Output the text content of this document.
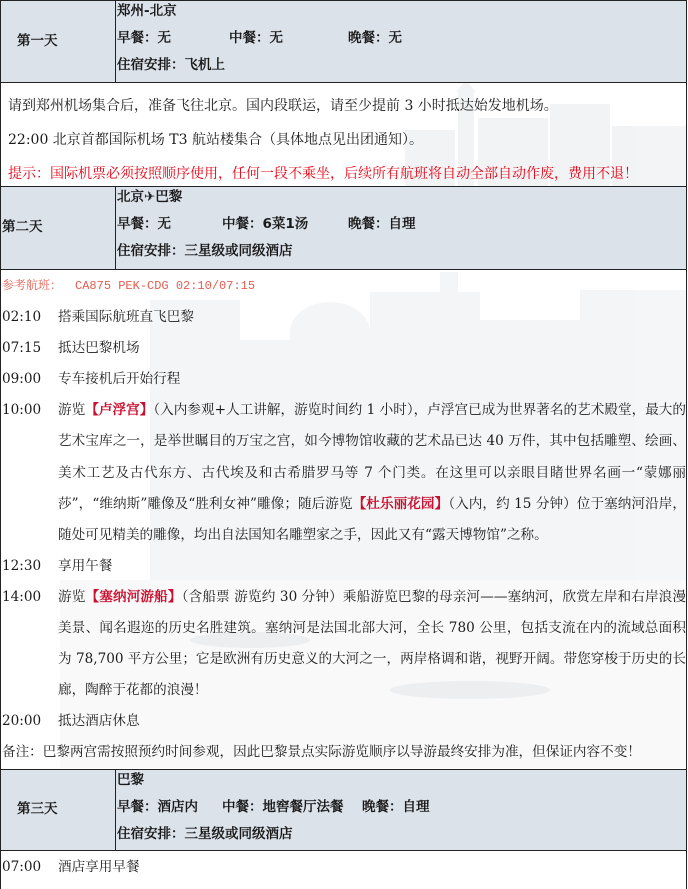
第一天
郑州-北京
早餐：无	中餐：无	晚餐：无
住宿安排：飞机上

请到郑州机场集合后，准备飞往北京。国内段联运，请至少提前 3 小时抵达始发地机场。

22:00 北京首都国际机场 T3 航站楼集合（具体地点见出团通知）。

提示：国际机票必须按照顺序使用，任何一段不乘坐，后续所有航班将自动全部自动作废，费用不退！

第二天
北京✈巴黎
早餐：无	中餐：6菜1汤	晚餐：自理
住宿安排：三星级或同级酒店
参考航班： CA875 PEK-CDG 02:10/07:15
02:10	搭乘国际航班直飞巴黎
07:15	抵达巴黎机场
09:00	专车接机后开始行程
10:00	游览【卢浮宫】（入内参观+人工讲解，游览时间约 1 小时），卢浮宫已成为世界著名的艺术殿堂，最大的艺术宝库之一，是举世瞩目的万宝之宫，如今博物馆收藏的艺术品已达 40 万件，其中包括雕塑、绘画、美术工艺及古代东方、古代埃及和古希腊罗马等 7 个门类。在这里可以亲眼目睹世界名画一“蒙娜丽莎”，“维纳斯”雕像及“胜利女神”雕像；随后游览【杜乐丽花园】（入内，约 15 分钟）位于塞纳河沿岸，随处可见精美的雕像，均出自法国知名雕塑家之手，因此又有“露天博物馆”之称。
12:30	享用午餐
14:00	游览【塞纳河游船】（含船票 游览约 30 分钟）乘船游览巴黎的母亲河——塞纳河，欣赏左岸和右岸浪漫美景、闻名遐迩的历史名胜建筑。塞纳河是法国北部大河，全长 780 公里，包括支流在内的流域总面积为 78,700 平方公里；它是欧洲有历史意义的大河之一，两岸格调和谐，视野开阔。带您穿梭于历史的长廊，陶醉于花都的浪漫！
20:00	抵达酒店休息
备注：巴黎两宫需按照预约时间参观，因此巴黎景点实际游览顺序以导游最终安排为准，但保证内容不变！
第三天
巴黎
早餐：酒店内 中餐：地窖餐厅法餐 晚餐：自理
住宿安排：三星级或同级酒店
07:00	酒店享用早餐
